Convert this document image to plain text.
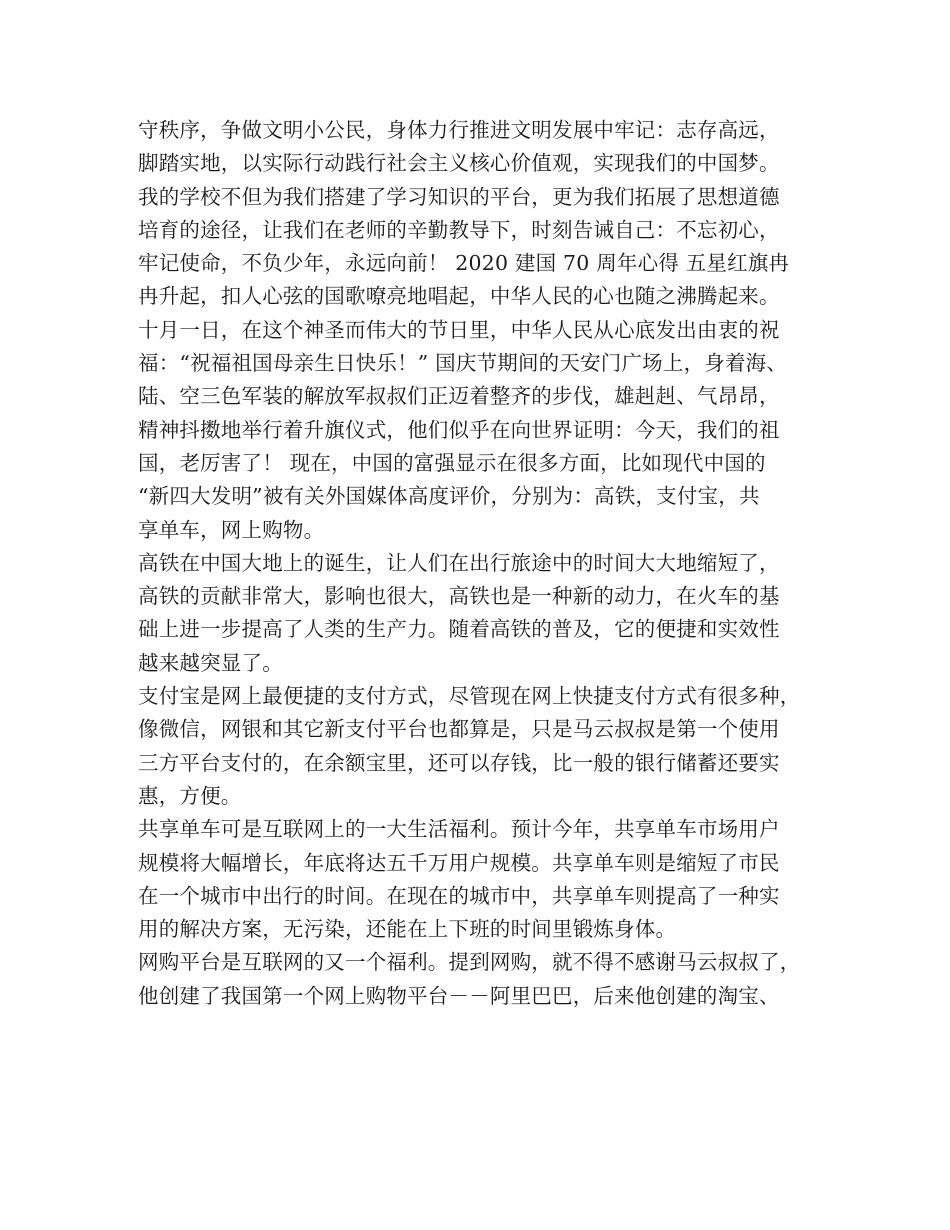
守秩序，争做文明小公民，身体力行推进文明发展中牢记：志存高远，
脚踏实地，以实际行动践行社会主义核心价值观，实现我们的中国梦。
我的学校不但为我们搭建了学习知识的平台，更为我们拓展了思想道德
培育的途径，让我们在老师的辛勤教导下，时刻告诫自己：不忘初心，
牢记使命，不负少年，永远向前！ 2020 建国 70 周年心得 五星红旗冉
冉升起，扣人心弦的国歌嘹亮地唱起，中华人民的心也随之沸腾起来。
十月一日，在这个神圣而伟大的节日里，中华人民从心底发出由衷的祝
福：“祝福祖国母亲生日快乐！” 国庆节期间的天安门广场上，身着海、
陆、空三色军装的解放军叔叔们正迈着整齐的步伐，雄赳赳、气昂昂，
精神抖擞地举行着升旗仪式，他们似乎在向世界证明：今天，我们的祖
国，老厉害了！ 现在，中国的富强显示在很多方面，比如现代中国的
“新四大发明”被有关外国媒体高度评价，分别为：高铁，支付宝，共
享单车，网上购物。
高铁在中国大地上的诞生，让人们在出行旅途中的时间大大地缩短了，
高铁的贡献非常大，影响也很大，高铁也是一种新的动力，在火车的基
础上进一步提高了人类的生产力。随着高铁的普及，它的便捷和实效性
越来越突显了。
支付宝是网上最便捷的支付方式，尽管现在网上快捷支付方式有很多种，
像微信，网银和其它新支付平台也都算是，只是马云叔叔是第一个使用
三方平台支付的，在余额宝里，还可以存钱，比一般的银行储蓄还要实
惠，方便。
共享单车可是互联网上的一大生活福利。预计今年，共享单车市场用户
规模将大幅增长，年底将达五千万用户规模。共享单车则是缩短了市民
在一个城市中出行的时间。在现在的城市中，共享单车则提高了一种实
用的解决方案，无污染，还能在上下班的时间里锻炼身体。
网购平台是互联网的又一个福利。提到网购，就不得不感谢马云叔叔了，
他创建了我国第一个网上购物平台－－阿里巴巴，后来他创建的淘宝、
